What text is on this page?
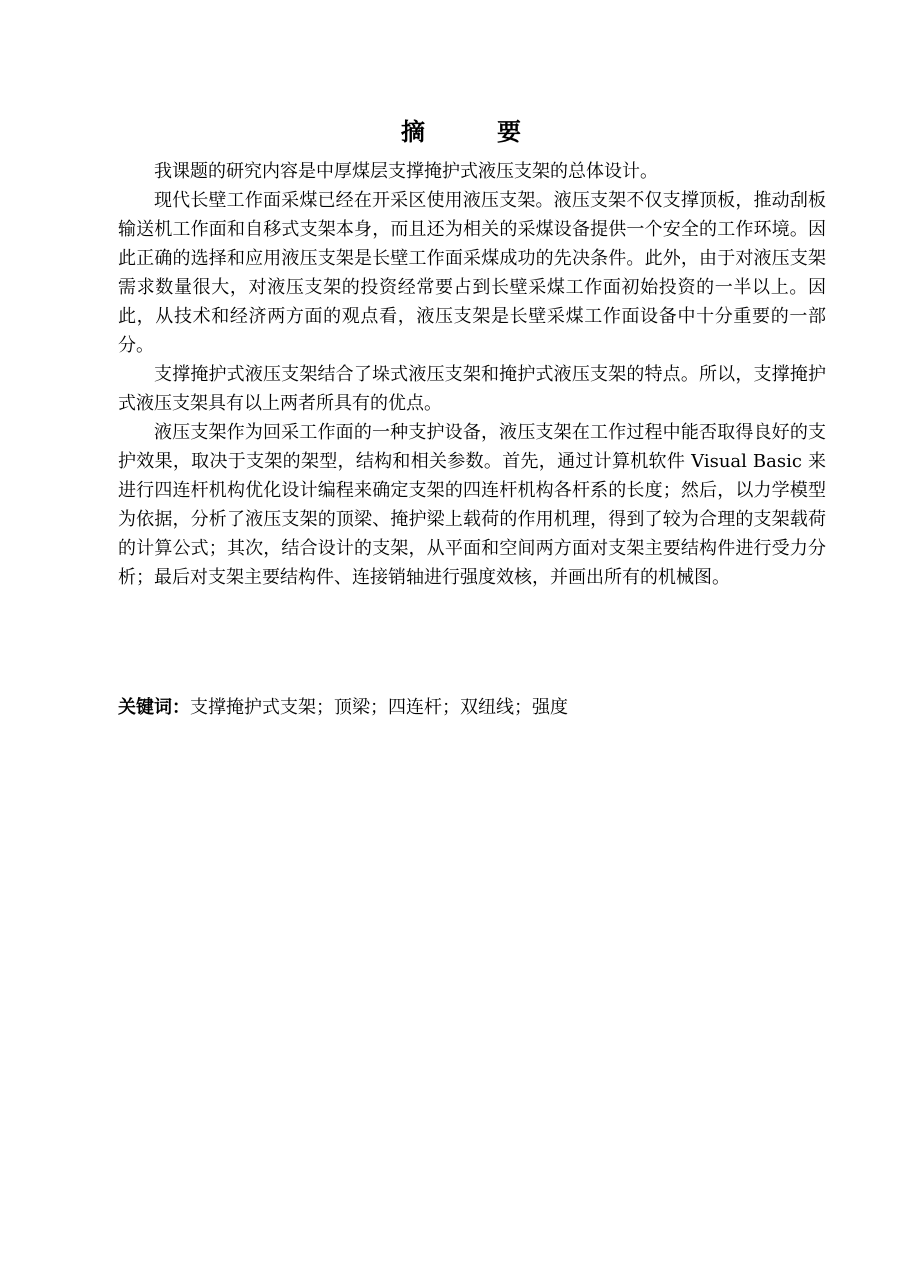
摘　要

我课题的研究内容是中厚煤层支撑掩护式液压支架的总体设计。

现代长壁工作面采煤已经在开采区使用液压支架。液压支架不仅支撑顶板，推动刮板输送机工作面和自移式支架本身，而且还为相关的采煤设备提供一个安全的工作环境。因此正确的选择和应用液压支架是长壁工作面采煤成功的先决条件。此外，由于对液压支架需求数量很大，对液压支架的投资经常要占到长壁采煤工作面初始投资的一半以上。因此，从技术和经济两方面的观点看，液压支架是长壁采煤工作面设备中十分重要的一部分。

支撑掩护式液压支架结合了垛式液压支架和掩护式液压支架的特点。所以，支撑掩护式液压支架具有以上两者所具有的优点。

液压支架作为回采工作面的一种支护设备，液压支架在工作过程中能否取得良好的支护效果，取决于支架的架型，结构和相关参数。首先，通过计算机软件 Visual Basic 来进行四连杆机构优化设计编程来确定支架的四连杆机构各杆系的长度；然后，以力学模型为依据，分析了液压支架的顶梁、掩护梁上载荷的作用机理，得到了较为合理的支架载荷的计算公式；其次，结合设计的支架，从平面和空间两方面对支架主要结构件进行受力分析；最后对支架主要结构件、连接销轴进行强度效核，并画出所有的机械图。

关键词：支撑掩护式支架；顶梁；四连杆；双纽线；强度
